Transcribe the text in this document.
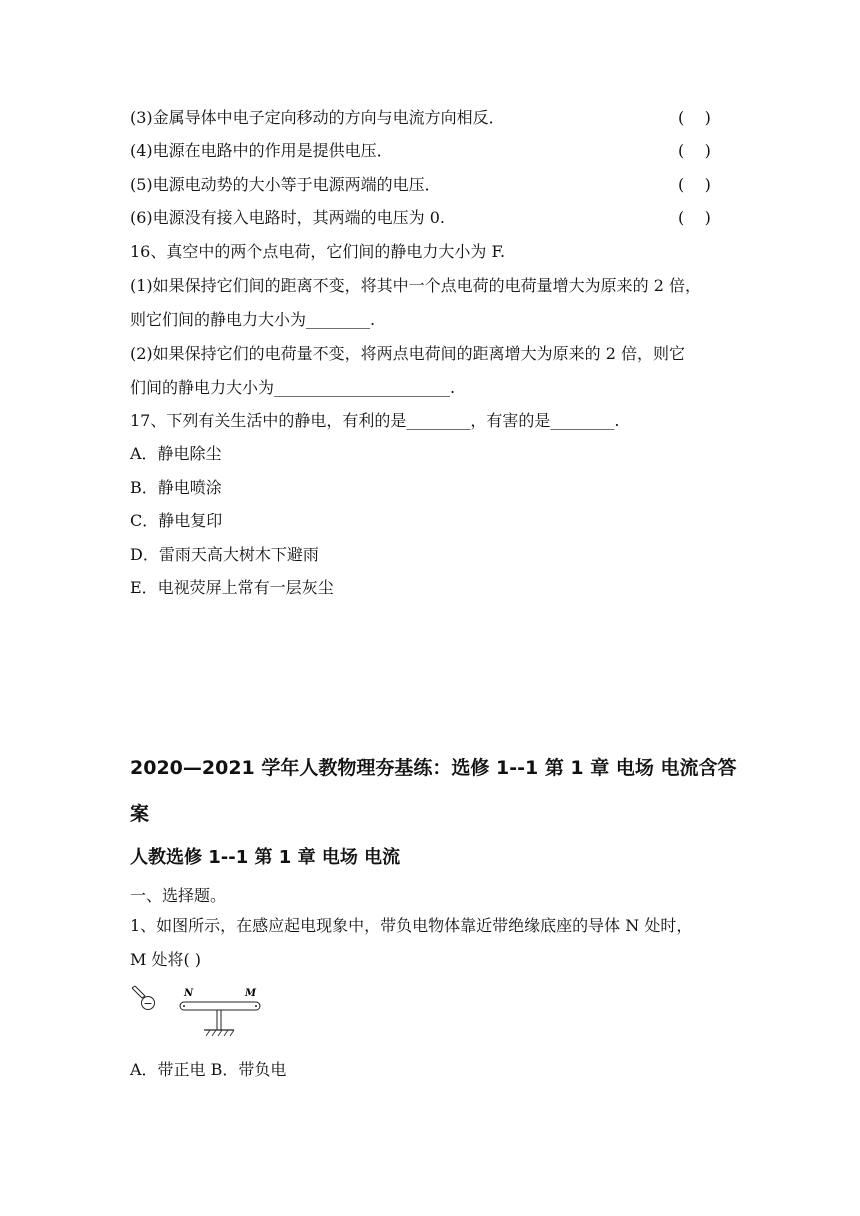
(3)金属导体中电子定向移动的方向与电流方向相反．	(    )
(4)电源在电路中的作用是提供电压．	(    )
(5)电源电动势的大小等于电源两端的电压．	(    )
(6)电源没有接入电路时，其两端的电压为 0.	(    )
16、真空中的两个点电荷，它们间的静电力大小为 F.
(1)如果保持它们间的距离不变，将其中一个点电荷的电荷量增大为原来的 2 倍，
则它们间的静电力大小为________.
(2)如果保持它们的电荷量不变，将两点电荷间的距离增大为原来的 2 倍，则它
们间的静电力大小为______________________.
17、下列有关生活中的静电，有利的是________，有害的是________.
A．静电除尘
B．静电喷涂
C．静电复印
D．雷雨天高大树木下避雨
E．电视荧屏上常有一层灰尘
2020—2021 学年人教物理夯基练：选修 1--1 第 1 章 电场 电流含答
案
人教选修 1--1 第 1 章 电场 电流
一、选择题。
1、如图所示，在感应起电现象中，带负电物体靠近带绝缘底座的导体 N 处时，
M 处将( )
−
N	M
A．带正电 B．带负电
